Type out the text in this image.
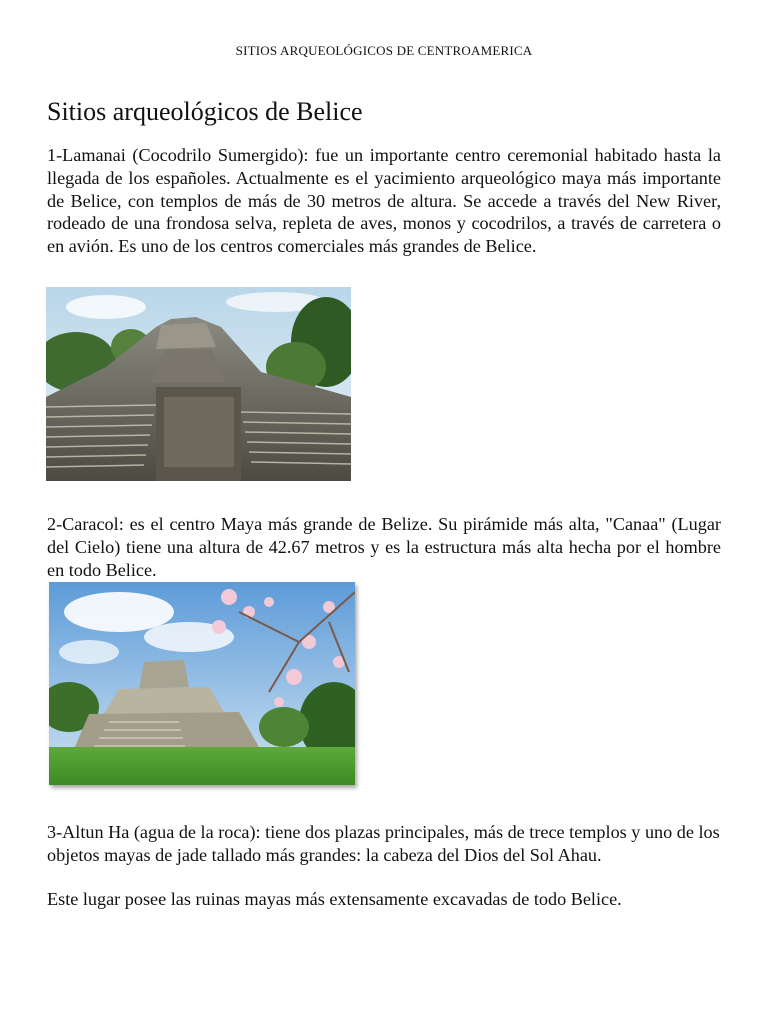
SITIOS ARQUEOLÓGICOS DE CENTROAMERICA
Sitios arqueológicos de Belice

1-Lamanai (Cocodrilo Sumergido): fue un importante centro ceremonial habitado hasta la llegada de los españoles. Actualmente es el yacimiento arqueológico maya más importante de Belice, con templos de más de 30 metros de altura. Se accede a través del New River, rodeado de una frondosa selva, repleta de aves, monos y cocodrilos, a través de carretera o en avión. Es uno de los centros comerciales más grandes de Belice.

2-Caracol: es el centro Maya más grande de Belize. Su pirámide más alta, "Canaa" (Lugar del Cielo) tiene una altura de 42.67 metros y es la estructura más alta hecha por el hombre en todo Belice.

3-Altun Ha (agua de la roca): tiene dos plazas principales, más de trece templos y uno de los objetos mayas de jade tallado más grandes: la cabeza del Dios del Sol Ahau.

Este lugar posee las ruinas mayas más extensamente excavadas de todo Belice.
